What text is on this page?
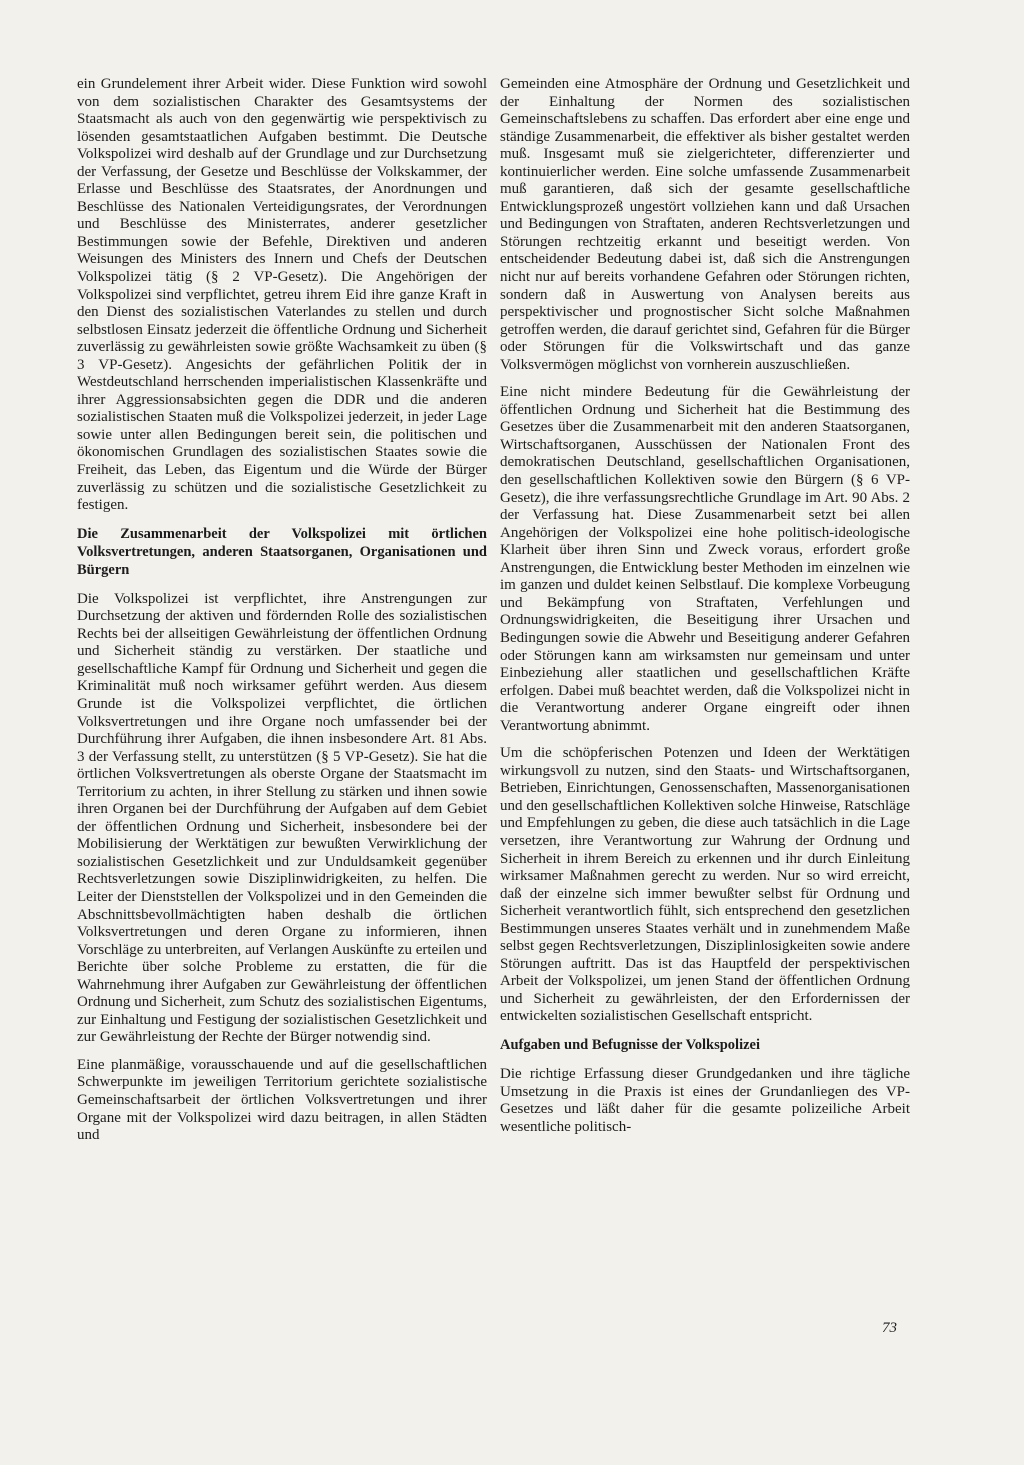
ein Grundelement ihrer Arbeit wider. Diese Funktion wird sowohl von dem sozialistischen Charakter des Gesamtsystems der Staatsmacht als auch von den gegenwärtig wie perspektivisch zu lösenden gesamtstaatlichen Aufgaben bestimmt. Die Deutsche Volkspolizei wird deshalb auf der Grundlage und zur Durchsetzung der Verfassung, der Gesetze und Beschlüsse der Volkskammer, der Erlasse und Beschlüsse des Staatsrates, der Anordnungen und Beschlüsse des Nationalen Verteidigungsrates, der Verordnungen und Beschlüsse des Ministerrates, anderer gesetzlicher Bestimmungen sowie der Befehle, Direktiven und anderen Weisungen des Ministers des Innern und Chefs der Deutschen Volkspolizei tätig (§ 2 VP-Gesetz). Die Angehörigen der Volkspolizei sind verpflichtet, getreu ihrem Eid ihre ganze Kraft in den Dienst des sozialistischen Vaterlandes zu stellen und durch selbstlosen Einsatz jederzeit die öffentliche Ordnung und Sicherheit zuverlässig zu gewährleisten sowie größte Wachsamkeit zu üben (§ 3 VP-Gesetz). Angesichts der gefährlichen Politik der in Westdeutschland herrschenden imperialistischen Klassenkräfte und ihrer Aggressionsabsichten gegen die DDR und die anderen sozialistischen Staaten muß die Volkspolizei jederzeit, in jeder Lage sowie unter allen Bedingungen bereit sein, die politischen und ökonomischen Grundlagen des sozialistischen Staates sowie die Freiheit, das Leben, das Eigentum und die Würde der Bürger zuverlässig zu schützen und die sozialistische Gesetzlichkeit zu festigen.

Die Zusammenarbeit der Volkspolizei mit örtlichen Volksvertretungen, anderen Staatsorganen, Organisationen und Bürgern

Die Volkspolizei ist verpflichtet, ihre Anstrengungen zur Durchsetzung der aktiven und fördernden Rolle des sozialistischen Rechts bei der allseitigen Gewährleistung der öffentlichen Ordnung und Sicherheit ständig zu verstärken. Der staatliche und gesellschaftliche Kampf für Ordnung und Sicherheit und gegen die Kriminalität muß noch wirksamer geführt werden. Aus diesem Grunde ist die Volkspolizei verpflichtet, die örtlichen Volksvertretungen und ihre Organe noch umfassender bei der Durchführung ihrer Aufgaben, die ihnen insbesondere Art. 81 Abs. 3 der Verfassung stellt, zu unterstützen (§ 5 VP-Gesetz). Sie hat die örtlichen Volksvertretungen als oberste Organe der Staatsmacht im Territorium zu achten, in ihrer Stellung zu stärken und ihnen sowie ihren Organen bei der Durchführung der Aufgaben auf dem Gebiet der öffentlichen Ordnung und Sicherheit, insbesondere bei der Mobilisierung der Werktätigen zur bewußten Verwirklichung der sozialistischen Gesetzlichkeit und zur Unduldsamkeit gegenüber Rechtsverletzungen sowie Disziplinwidrigkeiten, zu helfen. Die Leiter der Dienststellen der Volkspolizei und in den Gemeinden die Abschnittsbevollmächtigten haben deshalb die örtlichen Volksvertretungen und deren Organe zu informieren, ihnen Vorschläge zu unterbreiten, auf Verlangen Auskünfte zu erteilen und Berichte über solche Probleme zu erstatten, die für die Wahrnehmung ihrer Aufgaben zur Gewährleistung der öffentlichen Ordnung und Sicherheit, zum Schutz des sozialistischen Eigentums, zur Einhaltung und Festigung der sozialistischen Gesetzlichkeit und zur Gewährleistung der Rechte der Bürger notwendig sind.

Eine planmäßige, vorausschauende und auf die gesellschaftlichen Schwerpunkte im jeweiligen Territorium gerichtete sozialistische Gemeinschaftsarbeit der örtlichen Volksvertretungen und ihrer Organe mit der Volkspolizei wird dazu beitragen, in allen Städten und

Gemeinden eine Atmosphäre der Ordnung und Gesetzlichkeit und der Einhaltung der Normen des sozialistischen Gemeinschaftslebens zu schaffen. Das erfordert aber eine enge und ständige Zusammenarbeit, die effektiver als bisher gestaltet werden muß. Insgesamt muß sie zielgerichteter, differenzierter und kontinuierlicher werden. Eine solche umfassende Zusammenarbeit muß garantieren, daß sich der gesamte gesellschaftliche Entwicklungsprozeß ungestört vollziehen kann und daß Ursachen und Bedingungen von Straftaten, anderen Rechtsverletzungen und Störungen rechtzeitig erkannt und beseitigt werden. Von entscheidender Bedeutung dabei ist, daß sich die Anstrengungen nicht nur auf bereits vorhandene Gefahren oder Störungen richten, sondern daß in Auswertung von Analysen bereits aus perspektivischer und prognostischer Sicht solche Maßnahmen getroffen werden, die darauf gerichtet sind, Gefahren für die Bürger oder Störungen für die Volkswirtschaft und das ganze Volksvermögen möglichst von vornherein auszuschließen.

Eine nicht mindere Bedeutung für die Gewährleistung der öffentlichen Ordnung und Sicherheit hat die Bestimmung des Gesetzes über die Zusammenarbeit mit den anderen Staatsorganen, Wirtschaftsorganen, Ausschüssen der Nationalen Front des demokratischen Deutschland, gesellschaftlichen Organisationen, den gesellschaftlichen Kollektiven sowie den Bürgern (§ 6 VP-Gesetz), die ihre verfassungsrechtliche Grundlage im Art. 90 Abs. 2 der Verfassung hat. Diese Zusammenarbeit setzt bei allen Angehörigen der Volkspolizei eine hohe politisch-ideologische Klarheit über ihren Sinn und Zweck voraus, erfordert große Anstrengungen, die Entwicklung bester Methoden im einzelnen wie im ganzen und duldet keinen Selbstlauf. Die komplexe Vorbeugung und Bekämpfung von Straftaten, Verfehlungen und Ordnungswidrigkeiten, die Beseitigung ihrer Ursachen und Bedingungen sowie die Abwehr und Beseitigung anderer Gefahren oder Störungen kann am wirksamsten nur gemeinsam und unter Einbeziehung aller staatlichen und gesellschaftlichen Kräfte erfolgen. Dabei muß beachtet werden, daß die Volkspolizei nicht in die Verantwortung anderer Organe eingreift oder ihnen Verantwortung abnimmt.

Um die schöpferischen Potenzen und Ideen der Werktätigen wirkungsvoll zu nutzen, sind den Staats- und Wirtschaftsorganen, Betrieben, Einrichtungen, Genossenschaften, Massenorganisationen und den gesellschaftlichen Kollektiven solche Hinweise, Ratschläge und Empfehlungen zu geben, die diese auch tatsächlich in die Lage versetzen, ihre Verantwortung zur Wahrung der Ordnung und Sicherheit in ihrem Bereich zu erkennen und ihr durch Einleitung wirksamer Maßnahmen gerecht zu werden. Nur so wird erreicht, daß der einzelne sich immer bewußter selbst für Ordnung und Sicherheit verantwortlich fühlt, sich entsprechend den gesetzlichen Bestimmungen unseres Staates verhält und in zunehmendem Maße selbst gegen Rechtsverletzungen, Disziplinlosigkeiten sowie andere Störungen auftritt. Das ist das Hauptfeld der perspektivischen Arbeit der Volkspolizei, um jenen Stand der öffentlichen Ordnung und Sicherheit zu gewährleisten, der den Erfordernissen der entwickelten sozialistischen Gesellschaft entspricht.

Aufgaben und Befugnisse der Volkspolizei

Die richtige Erfassung dieser Grundgedanken und ihre tägliche Umsetzung in die Praxis ist eines der Grundanliegen des VP-Gesetzes und läßt daher für die gesamte polizeiliche Arbeit wesentliche politisch-

73
